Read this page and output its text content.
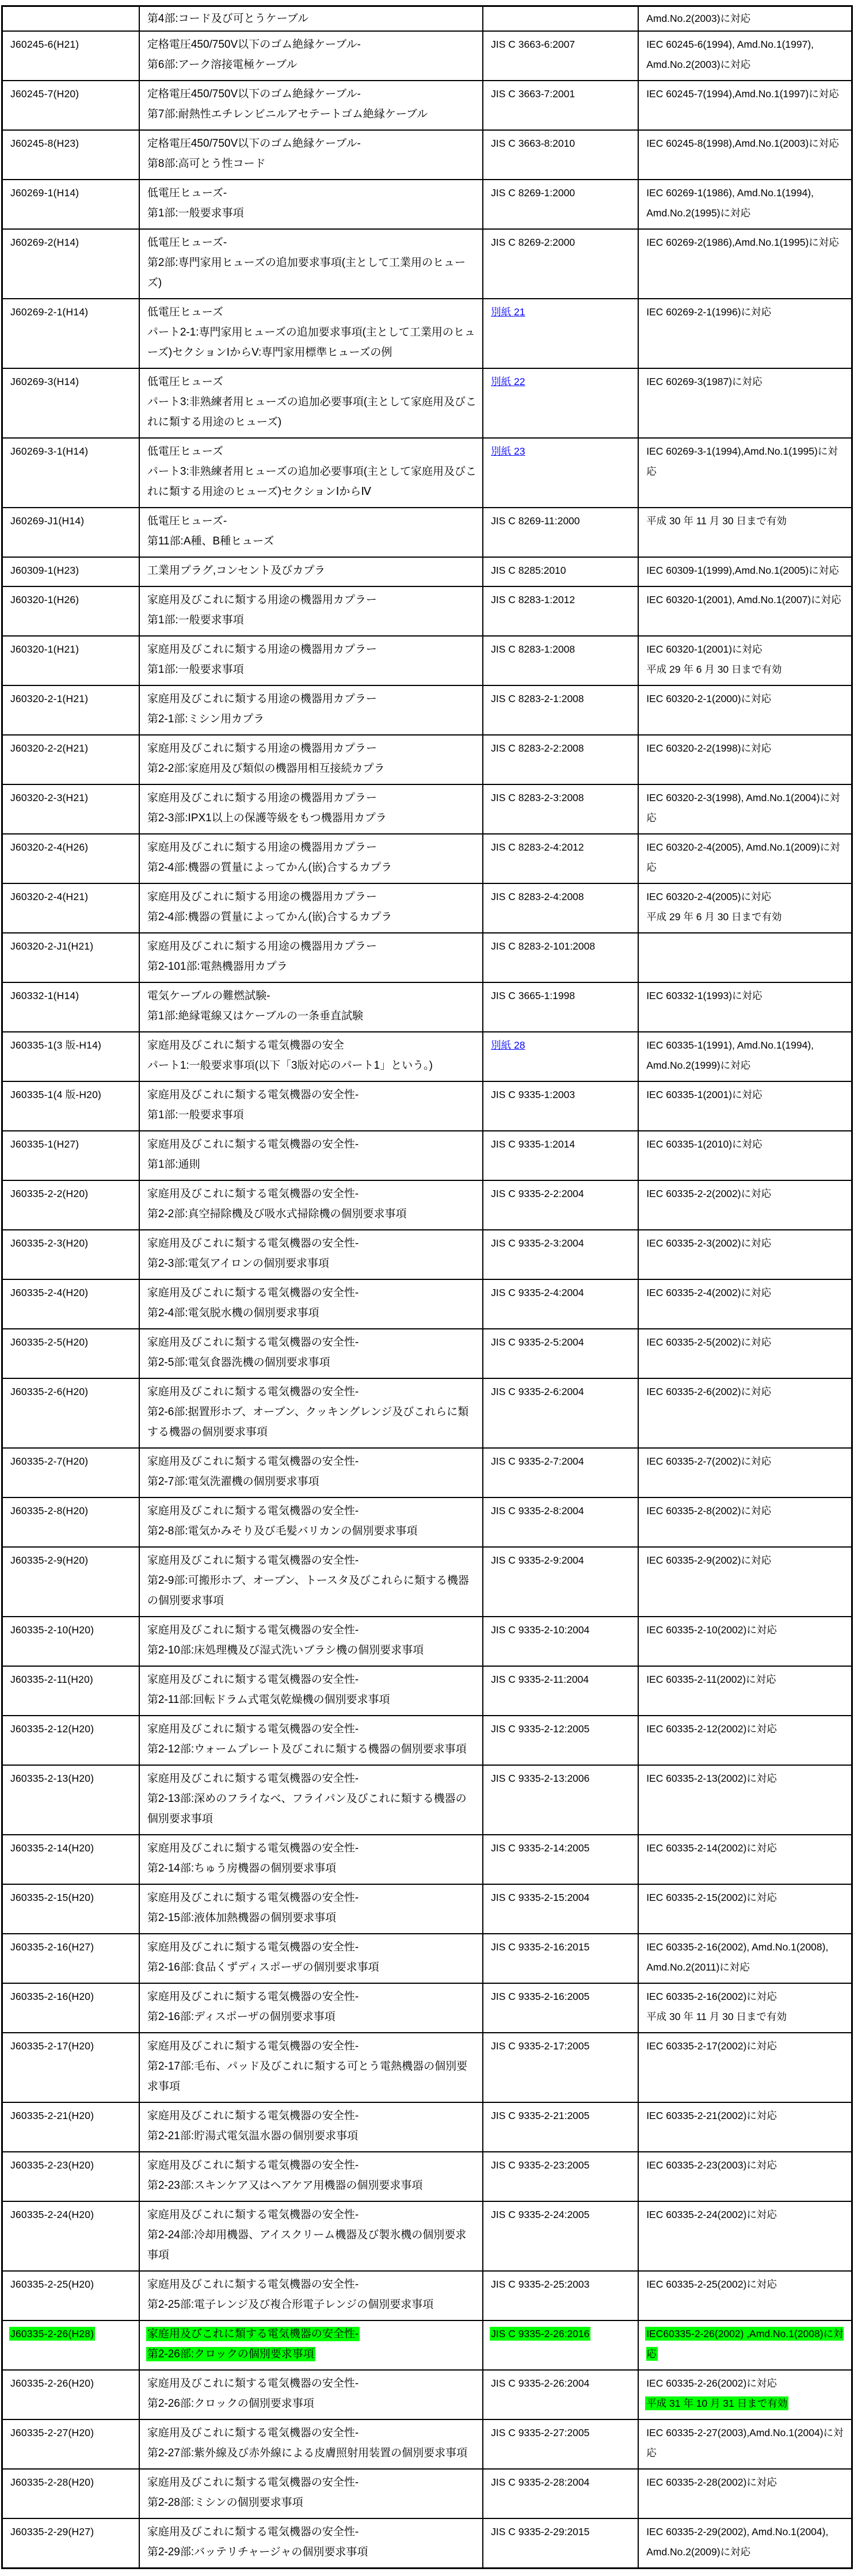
	第4部:コード及び可とうケーブル		Amd.No.2(2003)に対応

J60245-6(H21)	定格電圧450/750V以下のゴム絶縁ケーブル-
第6部:アーク溶接電極ケーブル	JIS C 3663-6:2007	IEC 60245-6(1994), Amd.No.1(1997), Amd.No.2(2003)に対応

J60245-7(H20)	定格電圧450/750V以下のゴム絶縁ケーブル-
第7部:耐熱性エチレンビニルアセテートゴム絶縁ケーブル	JIS C 3663-7:2001	IEC 60245-7(1994),Amd.No.1(1997)に対応

J60245-8(H23)	定格電圧450/750V以下のゴム絶縁ケーブル-
第8部:高可とう性コード	JIS C 3663-8:2010	IEC 60245-8(1998),Amd.No.1(2003)に対応

J60269-1(H14)	低電圧ヒューズ-
第1部:一般要求事項	JIS C 8269-1:2000	IEC 60269-1(1986), Amd.No.1(1994), Amd.No.2(1995)に対応

J60269-2(H14)	低電圧ヒューズ-
第2部:専門家用ヒューズの追加要求事項(主として工業用のヒューズ)	JIS C 8269-2:2000	IEC 60269-2(1986),Amd.No.1(1995)に対応

J60269-2-1(H14)	低電圧ヒューズ
パート2-1:専門家用ヒューズの追加要求事項(主として工業用のヒューズ)セクションIからV:専門家用標準ヒューズの例	別紙 21	IEC 60269-2-1(1996)に対応

J60269-3(H14)	低電圧ヒューズ
パート3:非熟練者用ヒューズの追加必要事項(主として家庭用及びこれに類する用途のヒューズ)	別紙 22	IEC 60269-3(1987)に対応

J60269-3-1(H14)	低電圧ヒューズ
パート3:非熟練者用ヒューズの追加必要事項(主として家庭用及びこれに類する用途のヒューズ)セクションⅠからⅣ	別紙 23	IEC 60269-3-1(1994),Amd.No.1(1995)に対応

J60269-J1(H14)	低電圧ヒューズ-
第11部:A種、B種ヒューズ	JIS C 8269-11:2000	平成 30 年 11 月 30 日まで有効

J60309-1(H23)	工業用プラグ,コンセント及びカプラ	JIS C 8285:2010	IEC 60309-1(1999),Amd.No.1(2005)に対応

J60320-1(H26)	家庭用及びこれに類する用途の機器用カプラー
第1部:一般要求事項	JIS C 8283-1:2012	IEC 60320-1(2001), Amd.No.1(2007)に対応

J60320-1(H21)	家庭用及びこれに類する用途の機器用カプラー
第1部:一般要求事項
	JIS C 8283-1:2008	IEC 60320-1(2001)に対応
平成 29 年 6 月 30 日まで有効

J60320-2-1(H21)	家庭用及びこれに類する用途の機器用カプラー
第2-1部:ミシン用カプラ	JIS C 8283-2-1:2008	IEC 60320-2-1(2000)に対応

J60320-2-2(H21)	家庭用及びこれに類する用途の機器用カプラー
第2-2部:家庭用及び類似の機器用相互接続カプラ	JIS C 8283-2-2:2008	IEC 60320-2-2(1998)に対応

J60320-2-3(H21)	家庭用及びこれに類する用途の機器用カプラー
第2-3部:IPX1以上の保護等級をもつ機器用カプラ	JIS C 8283-2-3:2008	IEC 60320-2-3(1998), Amd.No.1(2004)に対応

J60320-2-4(H26)	家庭用及びこれに類する用途の機器用カプラー
第2-4部:機器の質量によってかん(嵌)合するカプラ	JIS C 8283-2-4:2012	IEC 60320-2-4(2005), Amd.No.1(2009)に対応

J60320-2-4(H21)	家庭用及びこれに類する用途の機器用カプラー
第2-4部:機器の質量によってかん(嵌)合するカプラ
	JIS C 8283-2-4:2008	IEC 60320-2-4(2005)に対応
平成 29 年 6 月 30 日まで有効

J60320-2-J1(H21)	家庭用及びこれに類する用途の機器用カプラー
第2-101部:電熱機器用カプラ	JIS C 8283-2-101:2008	

J60332-1(H14)	電気ケーブルの難燃試験-
第1部:絶縁電線又はケーブルの一条垂直試験	JIS C 3665-1:1998	IEC 60332-1(1993)に対応

J60335-1(3 版-H14)	家庭用及びこれに類する電気機器の安全
パート1:一般要求事項(以下「3版対応のパート1」という。)	別紙 28	IEC 60335-1(1991), Amd.No.1(1994), Amd.No.2(1999)に対応

J60335-1(4 版-H20)	家庭用及びこれに類する電気機器の安全性-
第1部:一般要求事項	JIS C 9335-1:2003	IEC 60335-1(2001)に対応

J60335-1(H27)	家庭用及びこれに類する電気機器の安全性-
第1部:通則	JIS C 9335-1:2014	IEC 60335-1(2010)に対応

J60335-2-2(H20)	家庭用及びこれに類する電気機器の安全性-
第2-2部:真空掃除機及び吸水式掃除機の個別要求事項	JIS C 9335-2-2:2004	IEC 60335-2-2(2002)に対応

J60335-2-3(H20)	家庭用及びこれに類する電気機器の安全性-
第2-3部:電気アイロンの個別要求事項	JIS C 9335-2-3:2004	IEC 60335-2-3(2002)に対応

J60335-2-4(H20)	家庭用及びこれに類する電気機器の安全性-
第2-4部:電気脱水機の個別要求事項	JIS C 9335-2-4:2004	IEC 60335-2-4(2002)に対応

J60335-2-5(H20)	家庭用及びこれに類する電気機器の安全性-
第2-5部:電気食器洗機の個別要求事項	JIS C 9335-2-5:2004	IEC 60335-2-5(2002)に対応

J60335-2-6(H20)	家庭用及びこれに類する電気機器の安全性-
第2-6部:据置形ホブ、オーブン、クッキングレンジ及びこれらに類する機器の個別要求事項	JIS C 9335-2-6:2004	IEC 60335-2-6(2002)に対応

J60335-2-7(H20)	家庭用及びこれに類する電気機器の安全性-
第2-7部:電気洗濯機の個別要求事項	JIS C 9335-2-7:2004	IEC 60335-2-7(2002)に対応

J60335-2-8(H20)	家庭用及びこれに類する電気機器の安全性-
第2-8部:電気かみそり及び毛髪バリカンの個別要求事項	JIS C 9335-2-8:2004	IEC 60335-2-8(2002)に対応

J60335-2-9(H20)	家庭用及びこれに類する電気機器の安全性-
第2-9部:可搬形ホブ、オーブン、トースタ及びこれらに類する機器の個別要求事項	JIS C 9335-2-9:2004	IEC 60335-2-9(2002)に対応

J60335-2-10(H20)	家庭用及びこれに類する電気機器の安全性-
第2-10部:床処理機及び湿式洗いブラシ機の個別要求事項	JIS C 9335-2-10:2004	IEC 60335-2-10(2002)に対応

J60335-2-11(H20)	家庭用及びこれに類する電気機器の安全性-
第2-11部:回転ドラム式電気乾燥機の個別要求事項	JIS C 9335-2-11:2004	IEC 60335-2-11(2002)に対応

J60335-2-12(H20)	家庭用及びこれに類する電気機器の安全性-
第2-12部:ウォームプレート及びこれに類する機器の個別要求事項	JIS C 9335-2-12:2005	IEC 60335-2-12(2002)に対応

J60335-2-13(H20)	家庭用及びこれに類する電気機器の安全性-
第2-13部:深めのフライなべ、フライパン及びこれに類する機器の個別要求事項	JIS C 9335-2-13:2006	IEC 60335-2-13(2002)に対応

J60335-2-14(H20)	家庭用及びこれに類する電気機器の安全性-
第2-14部:ちゅう房機器の個別要求事項	JIS C 9335-2-14:2005	IEC 60335-2-14(2002)に対応

J60335-2-15(H20)	家庭用及びこれに類する電気機器の安全性-
第2-15部:液体加熱機器の個別要求事項	JIS C 9335-2-15:2004	IEC 60335-2-15(2002)に対応

J60335-2-16(H27)	家庭用及びこれに類する電気機器の安全性-
第2-16部:食品くずディスポーザの個別要求事項	JIS C 9335-2-16:2015	IEC 60335-2-16(2002), Amd.No.1(2008), Amd.No.2(2011)に対応

J60335-2-16(H20)	家庭用及びこれに類する電気機器の安全性-
第2-16部:ディスポーザの個別要求事項
	JIS C 9335-2-16:2005	IEC 60335-2-16(2002)に対応
平成 30 年 11 月 30 日まで有効

J60335-2-17(H20)	家庭用及びこれに類する電気機器の安全性-
第2-17部:毛布、パッド及びこれに類する可とう電熱機器の個別要求事項	JIS C 9335-2-17:2005	IEC 60335-2-17(2002)に対応

J60335-2-21(H20)	家庭用及びこれに類する電気機器の安全性-
第2-21部:貯湯式電気温水器の個別要求事項	JIS C 9335-2-21:2005	IEC 60335-2-21(2002)に対応

J60335-2-23(H20)	家庭用及びこれに類する電気機器の安全性-
第2-23部:スキンケア又はヘアケア用機器の個別要求事項	JIS C 9335-2-23:2005	IEC 60335-2-23(2003)に対応

J60335-2-24(H20)	家庭用及びこれに類する電気機器の安全性-
第2-24部:冷却用機器、アイスクリーム機器及び製氷機の個別要求事項	JIS C 9335-2-24:2005	IEC 60335-2-24(2002)に対応

J60335-2-25(H20)	家庭用及びこれに類する電気機器の安全性-
第2-25部:電子レンジ及び複合形電子レンジの個別要求事項	JIS C 9335-2-25:2003	IEC 60335-2-25(2002)に対応

J60335-2-26(H28)	家庭用及びこれに類する電気機器の安全性-
第2-26部:クロックの個別要求事項	JIS C 9335-2-26:2016	IEC60335-2-26(2002) ,Amd.No.1(2008)に対応

J60335-2-26(H20)	家庭用及びこれに類する電気機器の安全性-
第2-26部:クロックの個別要求事項
	JIS C 9335-2-26:2004	IEC 60335-2-26(2002)に対応
平成 31 年 10 月 31 日まで有効

J60335-2-27(H20)	家庭用及びこれに類する電気機器の安全性-
第2-27部:紫外線及び赤外線による皮膚照射用装置の個別要求事項	JIS C 9335-2-27:2005	IEC 60335-2-27(2003),Amd.No.1(2004)に対応

J60335-2-28(H20)	家庭用及びこれに類する電気機器の安全性-
第2-28部:ミシンの個別要求事項	JIS C 9335-2-28:2004	IEC 60335-2-28(2002)に対応

J60335-2-29(H27)	家庭用及びこれに類する電気機器の安全性-
第2-29部:バッテリチャージャの個別要求事項	JIS C 9335-2-29:2015	IEC 60335-2-29(2002), Amd.No.1(2004), Amd.No.2(2009)に対応
